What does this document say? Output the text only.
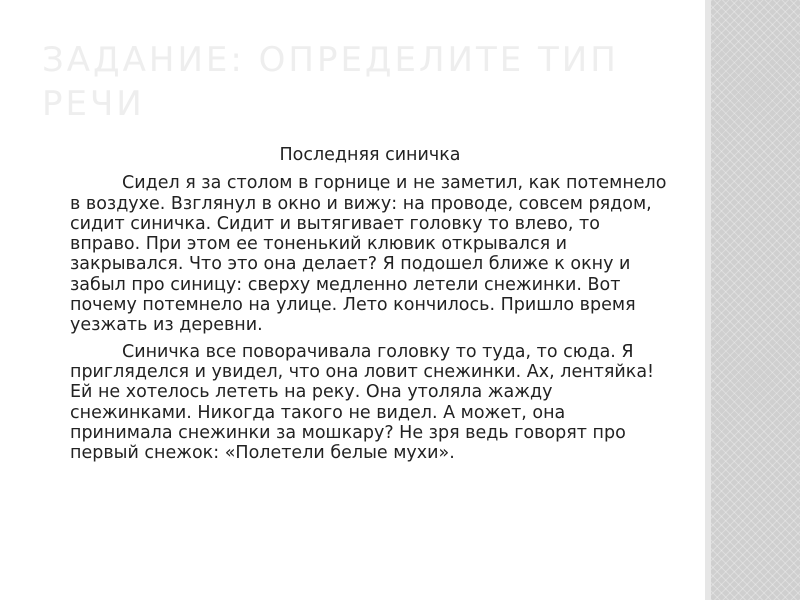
ЗАДАНИЕ: ОПРЕДЕЛИТЕ ТИП РЕЧИ

Последняя синичка

Сидел я за столом в горнице и не заметил, как потемнело в воздухе. Взглянул в окно и вижу: на проводе, совсем рядом, сидит синичка. Сидит и вытягивает головку то влево, то вправо. При этом ее тоненький клювик открывался и закрывался. Что это она делает? Я подошел ближе к окну и забыл про синицу: сверху медленно летели снежинки. Вот почему потемнело на улице. Лето кончилось. Пришло время уезжать из деревни.

Синичка все поворачивала головку то туда, то сюда. Я пригляделся и увидел, что она ловит снежинки. Ах, лентяйка! Ей не хотелось лететь на реку. Она утоляла жажду снежинками. Никогда такого не видел. А может, она принимала снежинки за мошкару? Не зря ведь говорят про первый снежок: «Полетели белые мухи».
